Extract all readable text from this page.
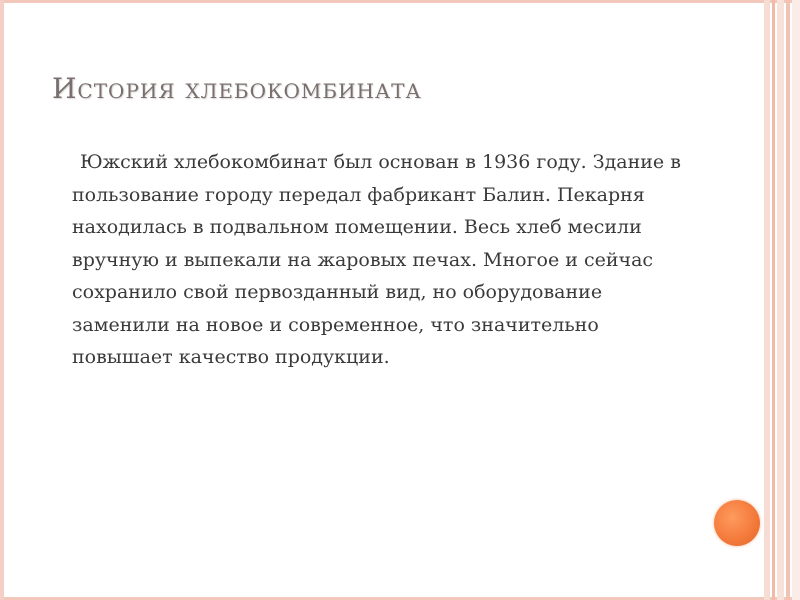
История хлебокомбината

Южский хлебокомбинат был основан в 1936 году. Здание в пользование городу передал фабрикант Балин. Пекарня находилась в подвальном помещении. Весь хлеб месили вручную и выпекали на жаровых печах. Многое и сейчас сохранило свой первозданный вид, но оборудование заменили на новое и современное, что значительно повышает качество продукции.
